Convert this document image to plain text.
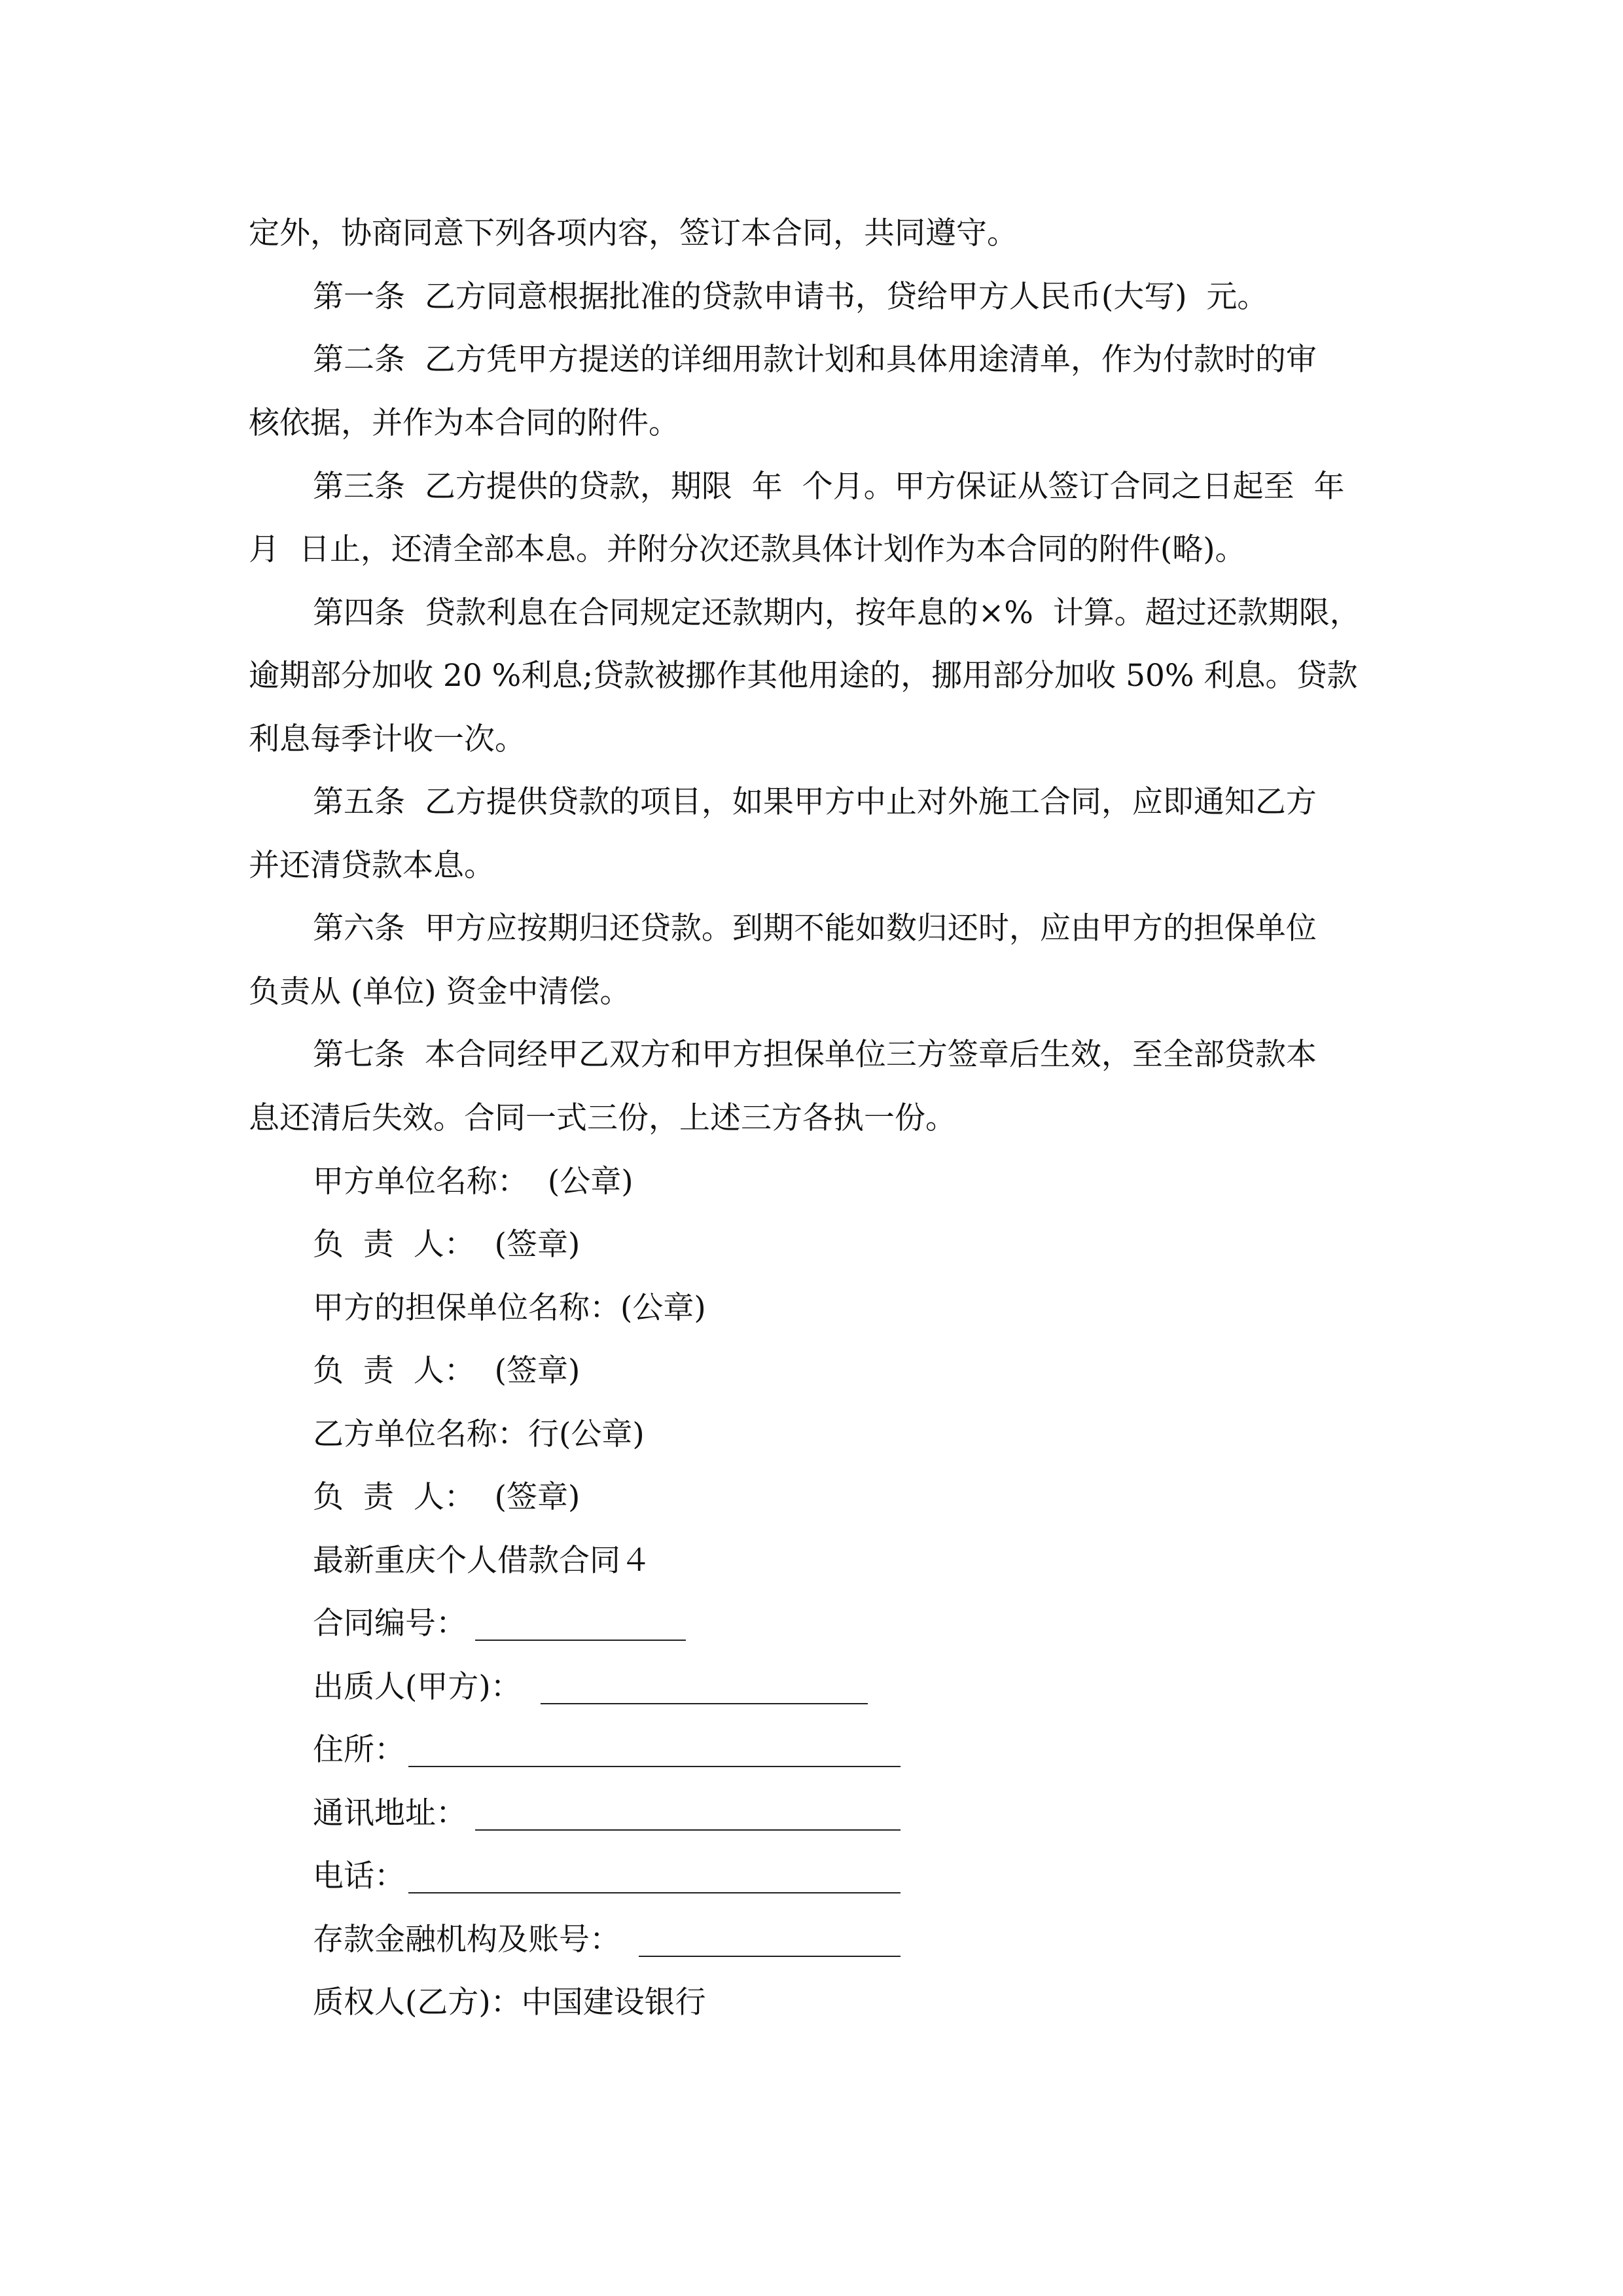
定外，协商同意下列各项内容，签订本合同，共同遵守。
第一条  乙方同意根据批准的贷款申请书，贷给甲方人民币(大写)  元。
第二条  乙方凭甲方提送的详细用款计划和具体用途清单，作为付款时的审
核依据，并作为本合同的附件。
第三条  乙方提供的贷款，期限  年  个月。甲方保证从签订合同之日起至  年
月  日止，还清全部本息。并附分次还款具体计划作为本合同的附件(略)。
第四条  贷款利息在合同规定还款期内，按年息的×%  计算。超过还款期限，
逾期部分加收 20 %利息;贷款被挪作其他用途的，挪用部分加收 50% 利息。贷款
利息每季计收一次。
第五条  乙方提供贷款的项目，如果甲方中止对外施工合同，应即通知乙方
并还清贷款本息。
第六条  甲方应按期归还贷款。到期不能如数归还时，应由甲方的担保单位
负责从 (单位) 资金中清偿。
第七条  本合同经甲乙双方和甲方担保单位三方签章后生效，至全部贷款本
息还清后失效。合同一式三份，上述三方各执一份。
甲方单位名称：  (公章)
负  责  人：  (签章)
甲方的担保单位名称：(公章)
负  责  人：  (签章)
乙方单位名称：行(公章)
负  责  人：  (签章)
最新重庆个人借款合同４
合同编号：
出质人(甲方)：
住所：
通讯地址：
电话：
存款金融机构及账号：
质权人(乙方)：中国建设银行
